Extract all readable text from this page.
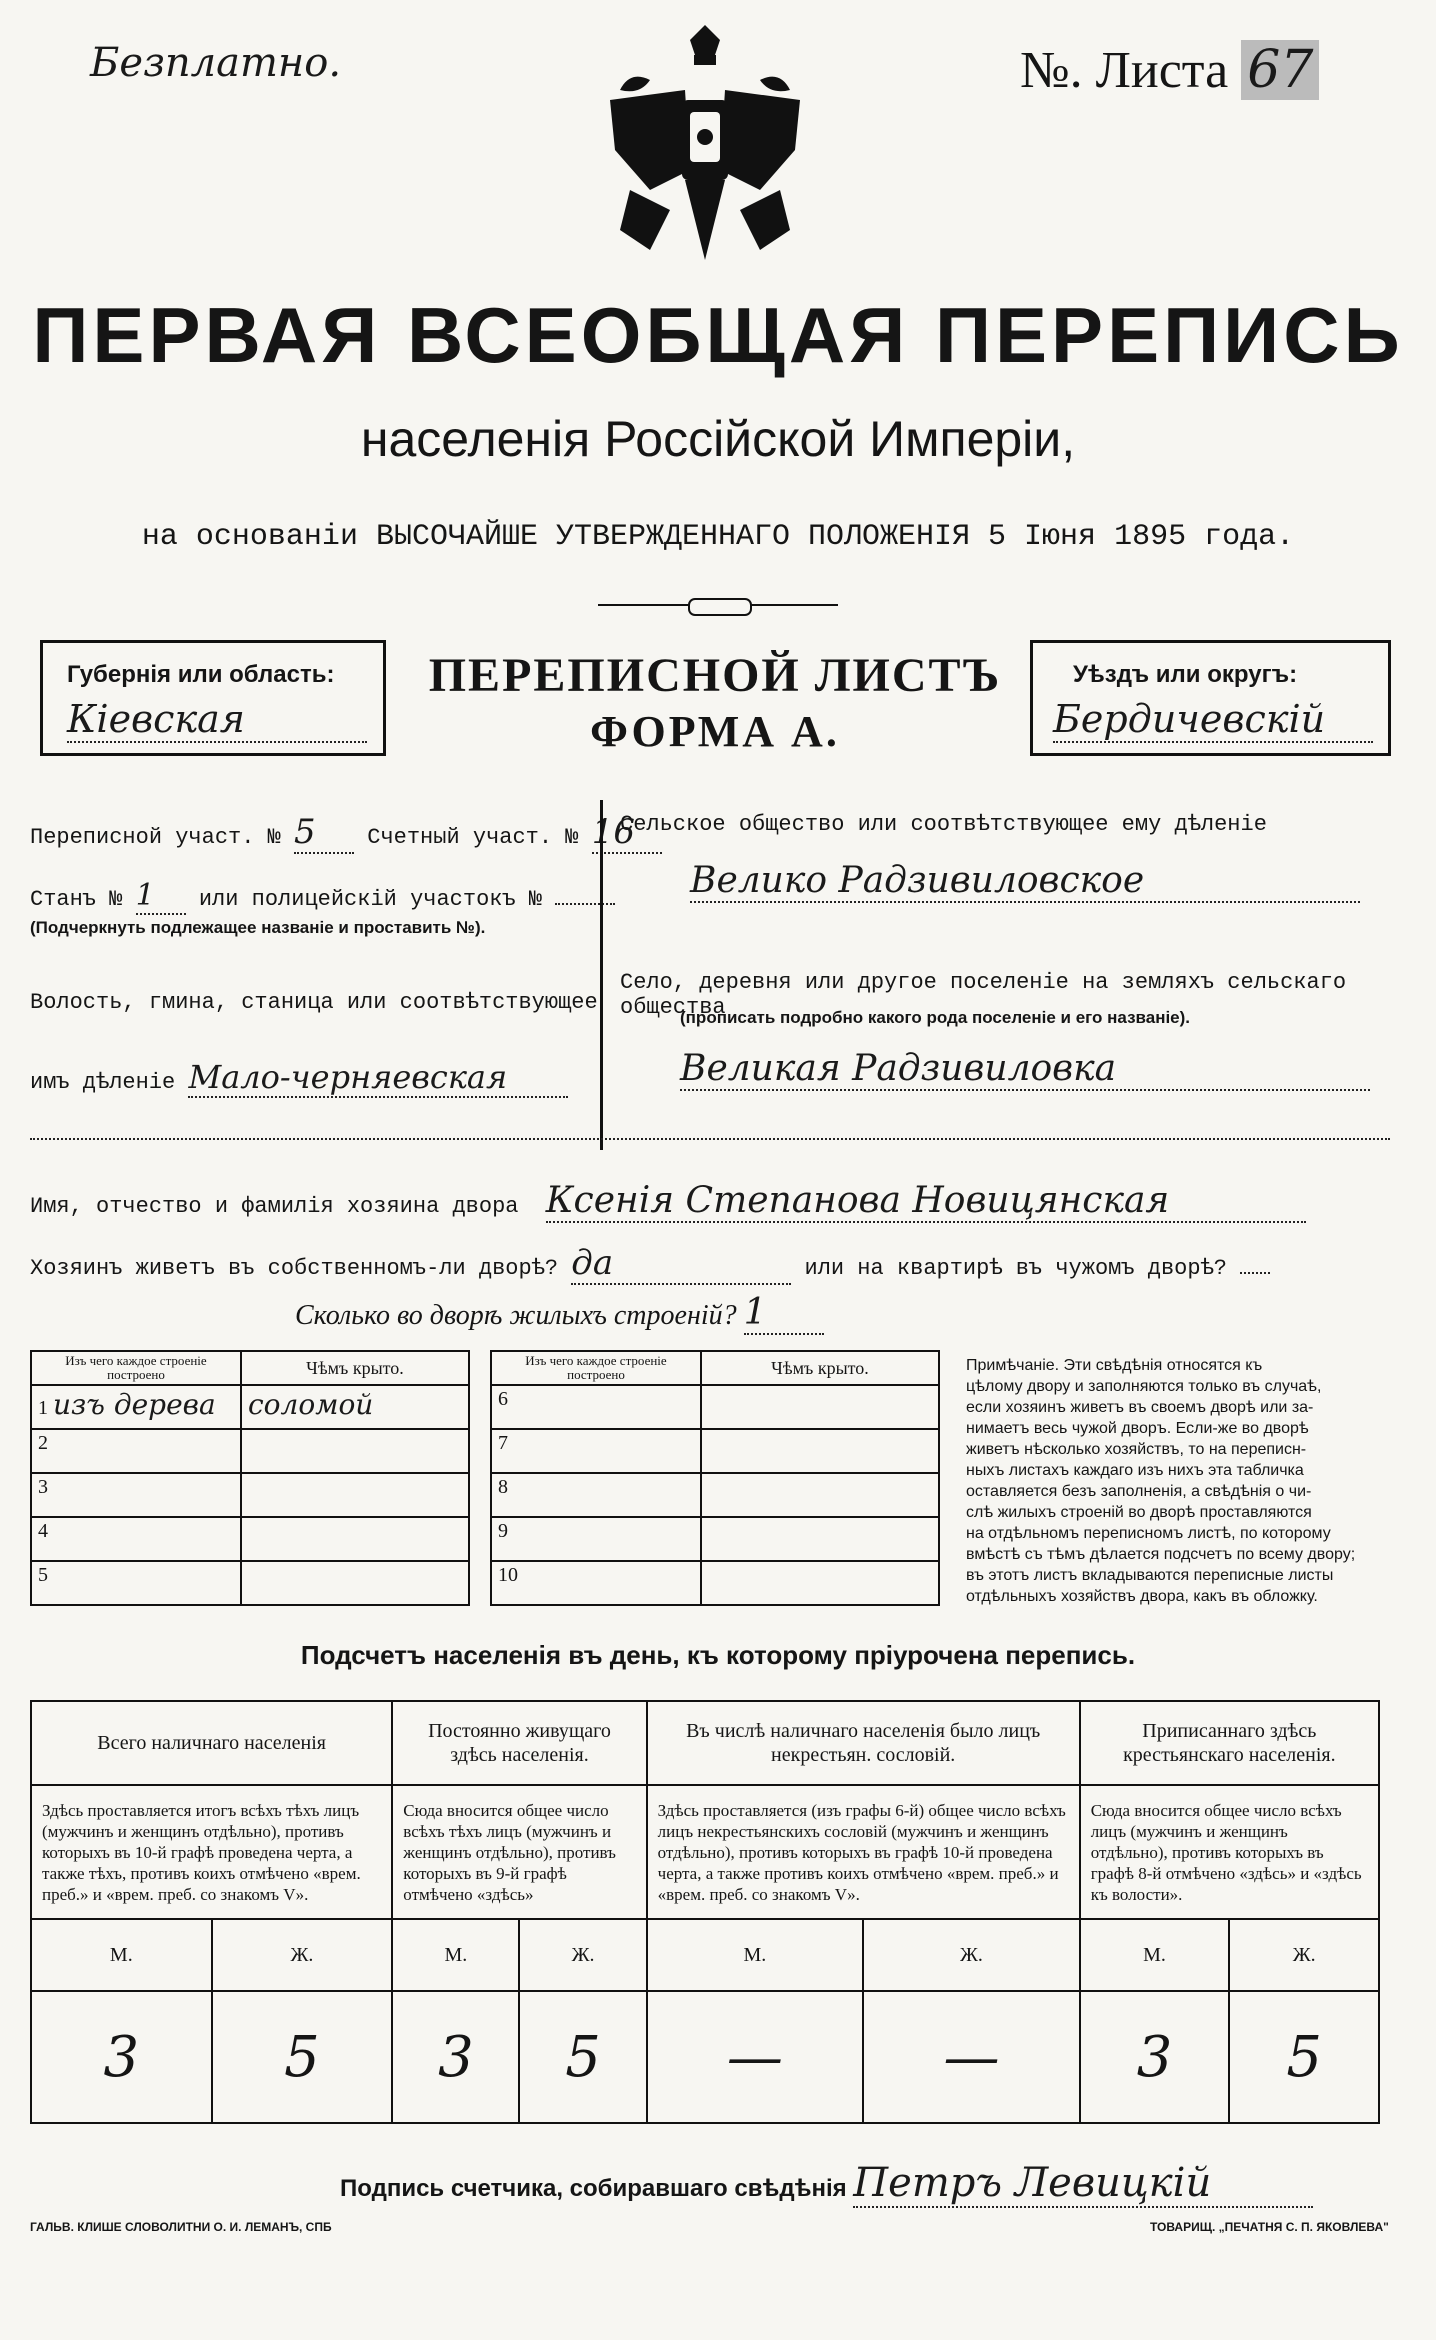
Безплатно.	№. Листа 67
ПЕРВАЯ ВСЕОБЩАЯ ПЕРЕПИСЬ
населенія Россійской Имперіи,
на основаніи ВЫСОЧАЙШЕ УТВЕРЖДЕННАГО ПОЛОЖЕНІЯ 5 Іюня 1895 года.
Губернія или область:
Кіевская
ПЕРЕПИСНОЙ ЛИСТЪ
ФОРМА А.
Уѣздъ или округъ:
Бердичевскій
Переписной участ. № 5 Счетный участ. № 16
Станъ № 1 или полицейскій участокъ №
(Подчеркнуть подлежащее названіе и проставить №).
Волость, гмина, станица или соотвѣтствующее
имъ дѣленіе Мало-черняевская
Сельское общество или соотвѣтствующее ему дѣленіе
Велико Радзивиловское
Село, деревня или другое поселеніе на земляхъ сельскаго общества
(прописать подробно какого рода поселеніе и его названіе).
Великая Радзивиловка
Имя, отчество и фамилія хозяина двора Ксенія Степанова Новицянская
Хозяинъ живетъ въ собственномъ-ли дворѣ? да	или на квартирѣ въ чужомъ дворѣ?
Сколько во дворѣ жилыхъ строеній? 1
Изъ чего каждое строеніе построено	Чѣмъ крыто.
1 изъ дерева	соломой
2	
3	
4	
5	
Изъ чего каждое строеніе построено	Чѣмъ крыто.
6	
7	
8	
9	
10	
Примѣчаніе. Эти свѣдѣнія относятся къ
цѣлому двору и заполняются только въ случаѣ,
если хозяинъ живетъ въ своемъ дворѣ или за-
нимаетъ весь чужой дворъ. Если-же во дворѣ
живетъ нѣсколько хозяйствъ, то на переписн-
ныхъ листахъ каждаго изъ нихъ эта табличка
оставляется безъ заполненія, а свѣдѣнія о чи-
слѣ жилыхъ строеній во дворѣ проставляются
на отдѣльномъ переписномъ листѣ, по которому
вмѣстѣ съ тѣмъ дѣлается подсчетъ по всему двору;
въ этотъ листъ вкладываются переписные листы
отдѣльныхъ хозяйствъ двора, какъ въ обложку.
Подсчетъ населенія въ день, къ которому пріурочена перепись.
Всего наличнаго населенія		Постоянно живущаго здѣсь населенія.		Въ числѣ наличнаго населенія было лицъ некрестьян. сословій.		Приписаннаго здѣсь крестьянскаго населенія.	
Здѣсь проставляется итогъ всѣхъ тѣхъ лицъ (мужчинъ и женщинъ отдѣльно), противъ которыхъ въ 10-й графѣ проведена черта, а также тѣхъ, противъ коихъ отмѣчено «врем. преб.» и «врем. преб. со знакомъ V».		Сюда вносится общее число всѣхъ тѣхъ лицъ (мужчинъ и женщинъ отдѣльно), противъ которыхъ въ 9-й графѣ отмѣчено «здѣсь»		Здѣсь проставляется (изъ графы 6-й) общее число всѣхъ лицъ некрестьянскихъ сословій (мужчинъ и женщинъ отдѣльно), противъ которыхъ въ графѣ 10-й проведена черта, а также противъ коихъ отмѣчено «врем. преб.» и «врем. преб. со знакомъ V».		Сюда вносится общее число всѣхъ лицъ (мужчинъ и женщинъ отдѣльно), противъ которыхъ въ графѣ 8-й отмѣчено «здѣсь» и «здѣсь къ волости».	
М.	Ж.	М.	Ж.	М.	Ж.	М.	Ж.
3	5	3	5	—	—	3	5
Подпись счетчика, собиравшаго свѣдѣнія Петръ Левицкій
ГАЛЬВ. КЛИШЕ СЛОВОЛИТНИ О. И. ЛЕМАНЪ, СПБ	ТОВАРИЩ. „ПЕЧАТНЯ С. П. ЯКОВЛЕВА"
